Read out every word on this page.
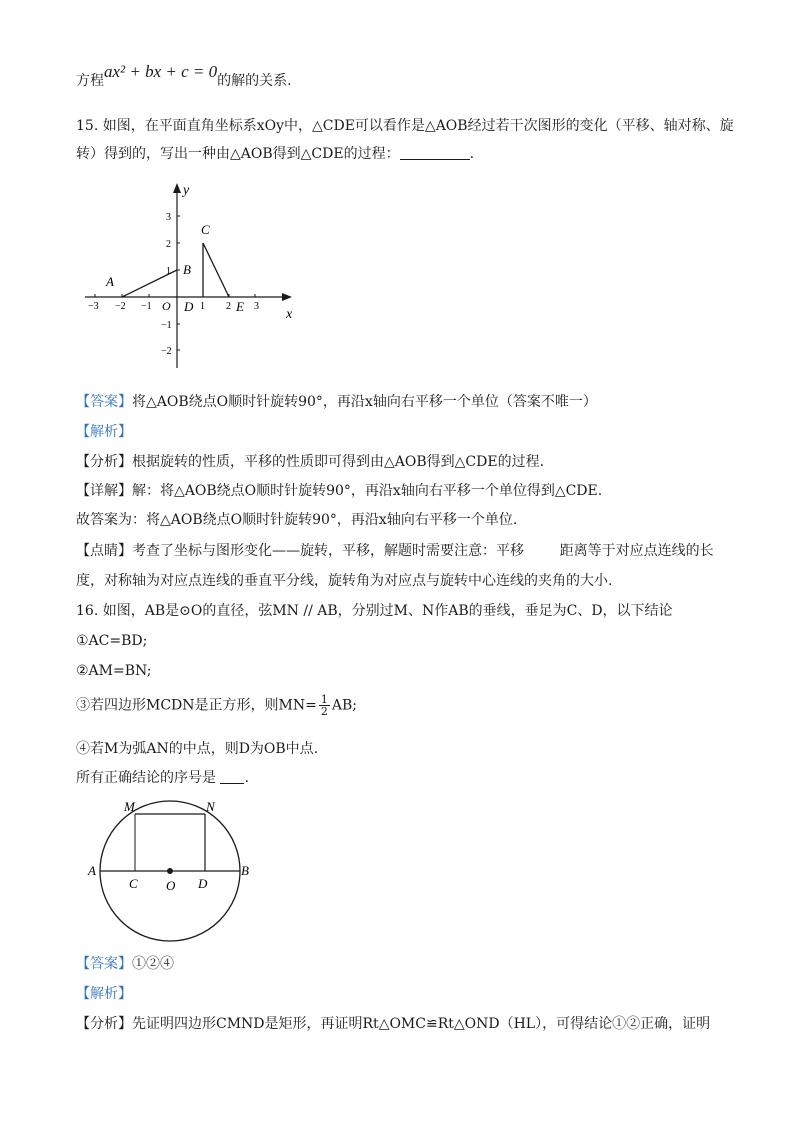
方程ax² + bx + c = 0的解的关系.
15. 如图，在平面直角坐标系xOy中，△CDE可以看作是△AOB经过若干次图形的变化（平移、轴对称、旋
转）得到的，写出一种由△AOB得到△CDE的过程：	.
y
x
−3 −2 −1 O	1 2 3
3
2
1
−1
−2
A
B
C
D	E
【答案】将△AOB绕点O顺时针旋转90°，再沿x轴向右平移一个单位（答案不唯一）
【解析】
【分析】根据旋转的性质，平移的性质即可得到由△AOB得到△CDE的过程.
【详解】解：将△AOB绕点O顺时针旋转90°，再沿x轴向右平移一个单位得到△CDE.
故答案为：将△AOB绕点O顺时针旋转90°，再沿x轴向右平移一个单位.
【点睛】考查了坐标与图形变化——旋转，平移，解题时需要注意：平移        距离等于对应点连线的长
度，对称轴为对应点连线的垂直平分线，旋转角为对应点与旋转中心连线的夹角的大小.
16. 如图，AB是⊙O的直径，弦MN // AB，分别过M、N作AB的垂线，垂足为C、D，以下结论
①AC=BD;
②AM=BN;
③若四边形MCDN是正方形，则$MN= \frac{1}{2}$ AB;
④若M为弧AN的中点，则D为OB中点.
所有正确结论的序号是 .
M	N
A	B
C O D
【答案】①②④
【解析】
【分析】先证明四边形CMND是矩形，再证明Rt△OMC≌Rt△OND（HL），可得结论①②正确，证明
